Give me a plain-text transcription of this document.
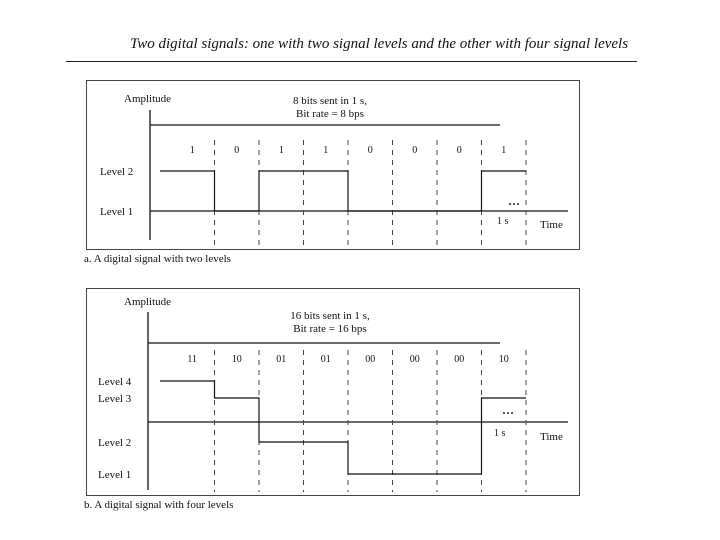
Two digital signals: one with two signal levels and the other with four signal levels
a. A digital signal with two levels
b. A digital signal with four levels
Amplitude	8 bits sent in 1 s,
Bit rate = 8 bps
Time
1 s
...
Level 2
Level 1
1	0	1	1	0	0	0	1
Amplitude
16 bits sent in 1 s,
Bit rate = 16 bps
Time
1 s
...
Level 4
Level 3
Level 2
Level 1
11	10	01	01	00	00	00	10
